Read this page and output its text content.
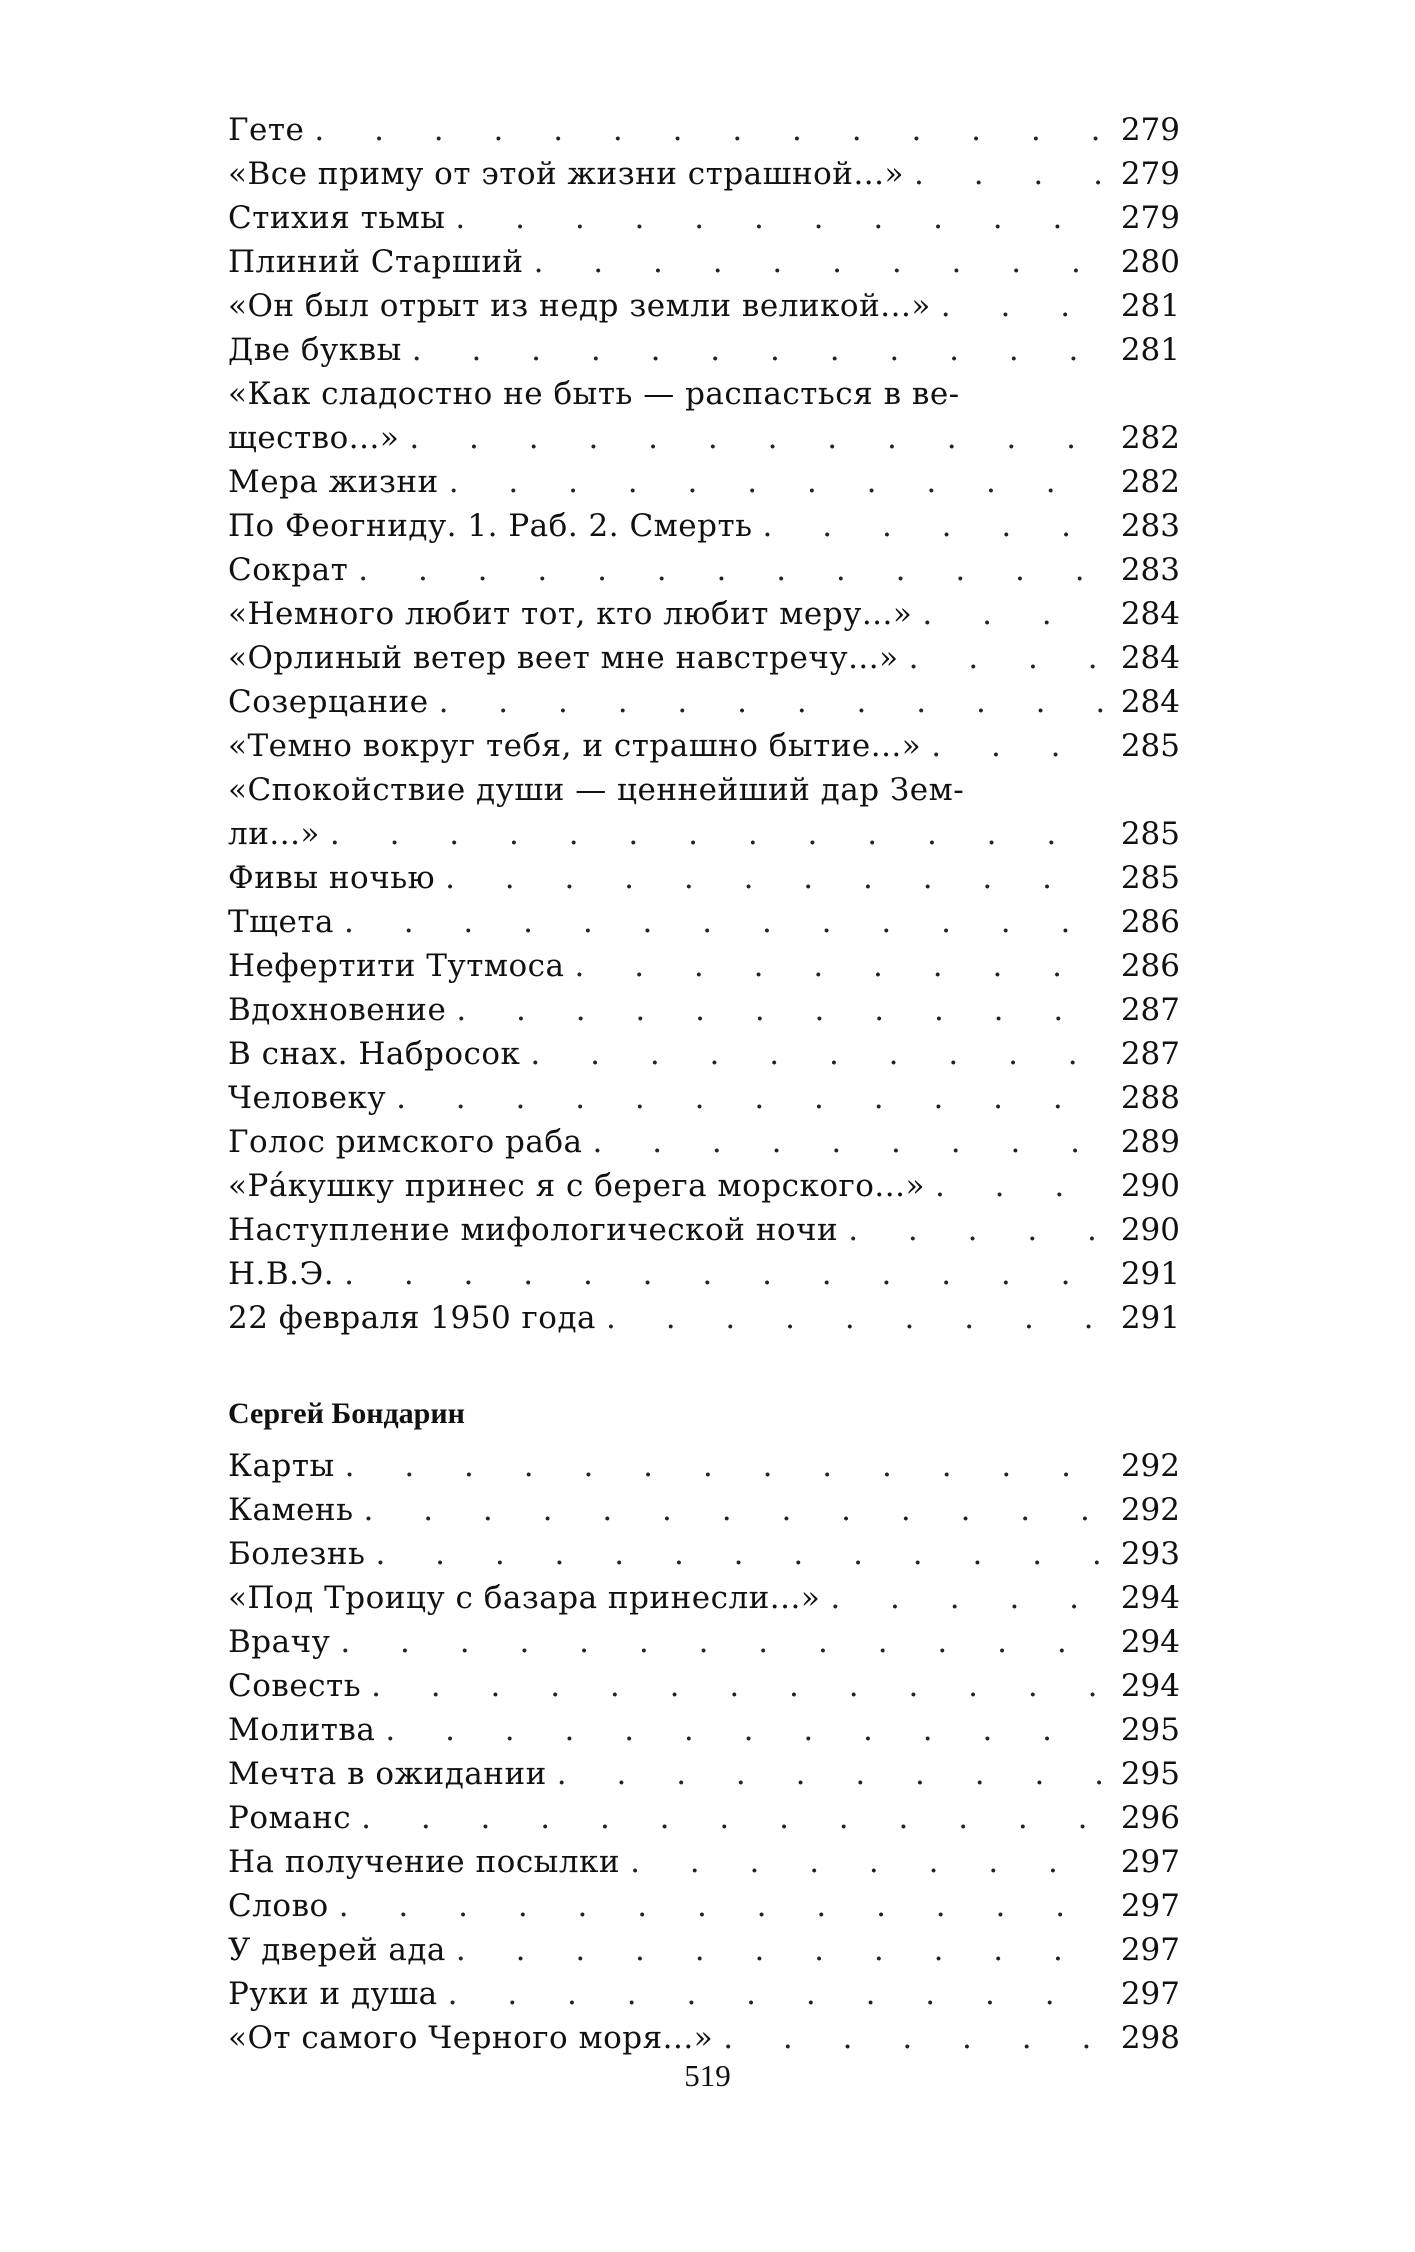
Гете . . .	279
«Все приму от этой жизни страшной...» . . .	279
Стихия тьмы . . .	279
Плиний Старший . . .	280
«Он был отрыт из недр земли великой...» . . .	281
Две буквы . . .	281
«Как сладостно не быть — распасться в ве-
щество...» . . .	282
Мера жизни . . .	282
По Феогниду. 1. Раб. 2. Смерть . . .	283
Сократ . . .	283
«Немного любит тот, кто любит меру...» . . .	284
«Орлиный ветер веет мне навстречу...» . . .	284
Созерцание . . .	284
«Темно вокруг тебя, и страшно бытие...» . . .	285
«Спокойствие души — ценнейший дар Зем-
ли...» . . .	285
Фивы ночью . . .	285
Тщета . . .	286
Нефертити Тутмоса . . .	286
Вдохновение . . .	287
В снах. Набросок . . .	287
Человеку . . .	288
Голос римского раба . . .	289
«Ра́кушку принес я с берега морского...» . . .	290
Наступление мифологической ночи . . .	290
Н.В.Э. . . .	291
22 февраля 1950 года . . .	291
Сергей Бондарин
Карты . . .	292
Камень . . .	292
Болезнь . . .	293
«Под Троицу с базара принесли...» . . .	294
Врачу . . .	294
Совесть . . .	294
Молитва . . .	295
Мечта в ожидании . . .	295
Романс . . .	296
На получение посылки . . .	297
Слово . . .	297
У дверей ада . . .	297
Руки и душа . . .	297
«От самого Черного моря...» . . .	298
519
